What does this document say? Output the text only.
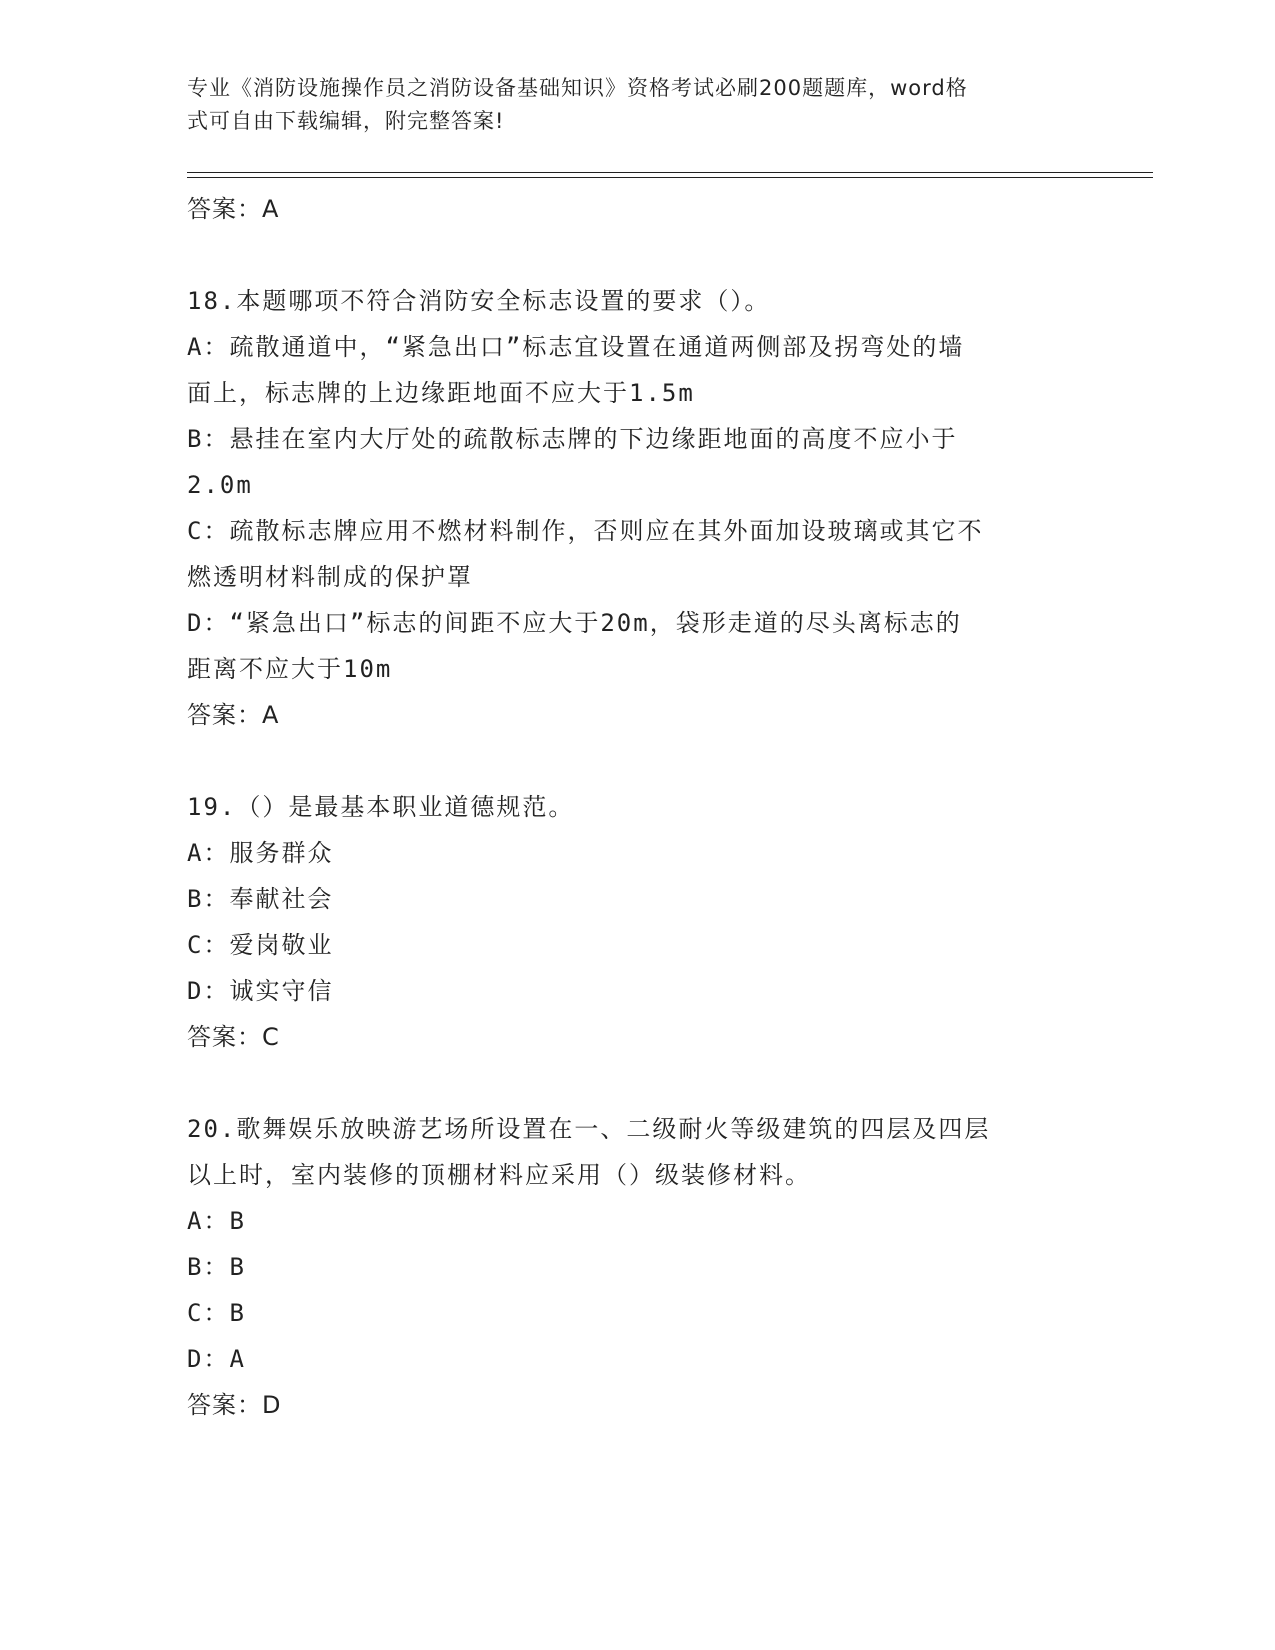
专业《消防设施操作员之消防设备基础知识》资格考试必刷200题题库，word格
式可自由下载编辑，附完整答案!
答案：A
18.本题哪项不符合消防安全标志设置的要求（）。
A：疏散通道中，“紧急出口”标志宜设置在通道两侧部及拐弯处的墙
面上，标志牌的上边缘距地面不应大于1.5m
B：悬挂在室内大厅处的疏散标志牌的下边缘距地面的高度不应小于
2.0m
C：疏散标志牌应用不燃材料制作，否则应在其外面加设玻璃或其它不
燃透明材料制成的保护罩
D：“紧急出口”标志的间距不应大于20m，袋形走道的尽头离标志的
距离不应大于10m
答案：A
19.（）是最基本职业道德规范。
A：服务群众
B：奉献社会
C：爱岗敬业
D：诚实守信
答案：C
20.歌舞娱乐放映游艺场所设置在一、二级耐火等级建筑的四层及四层
以上时，室内装修的顶棚材料应采用（）级装修材料。
A：B
B：B
C：B
D：A
答案：D
